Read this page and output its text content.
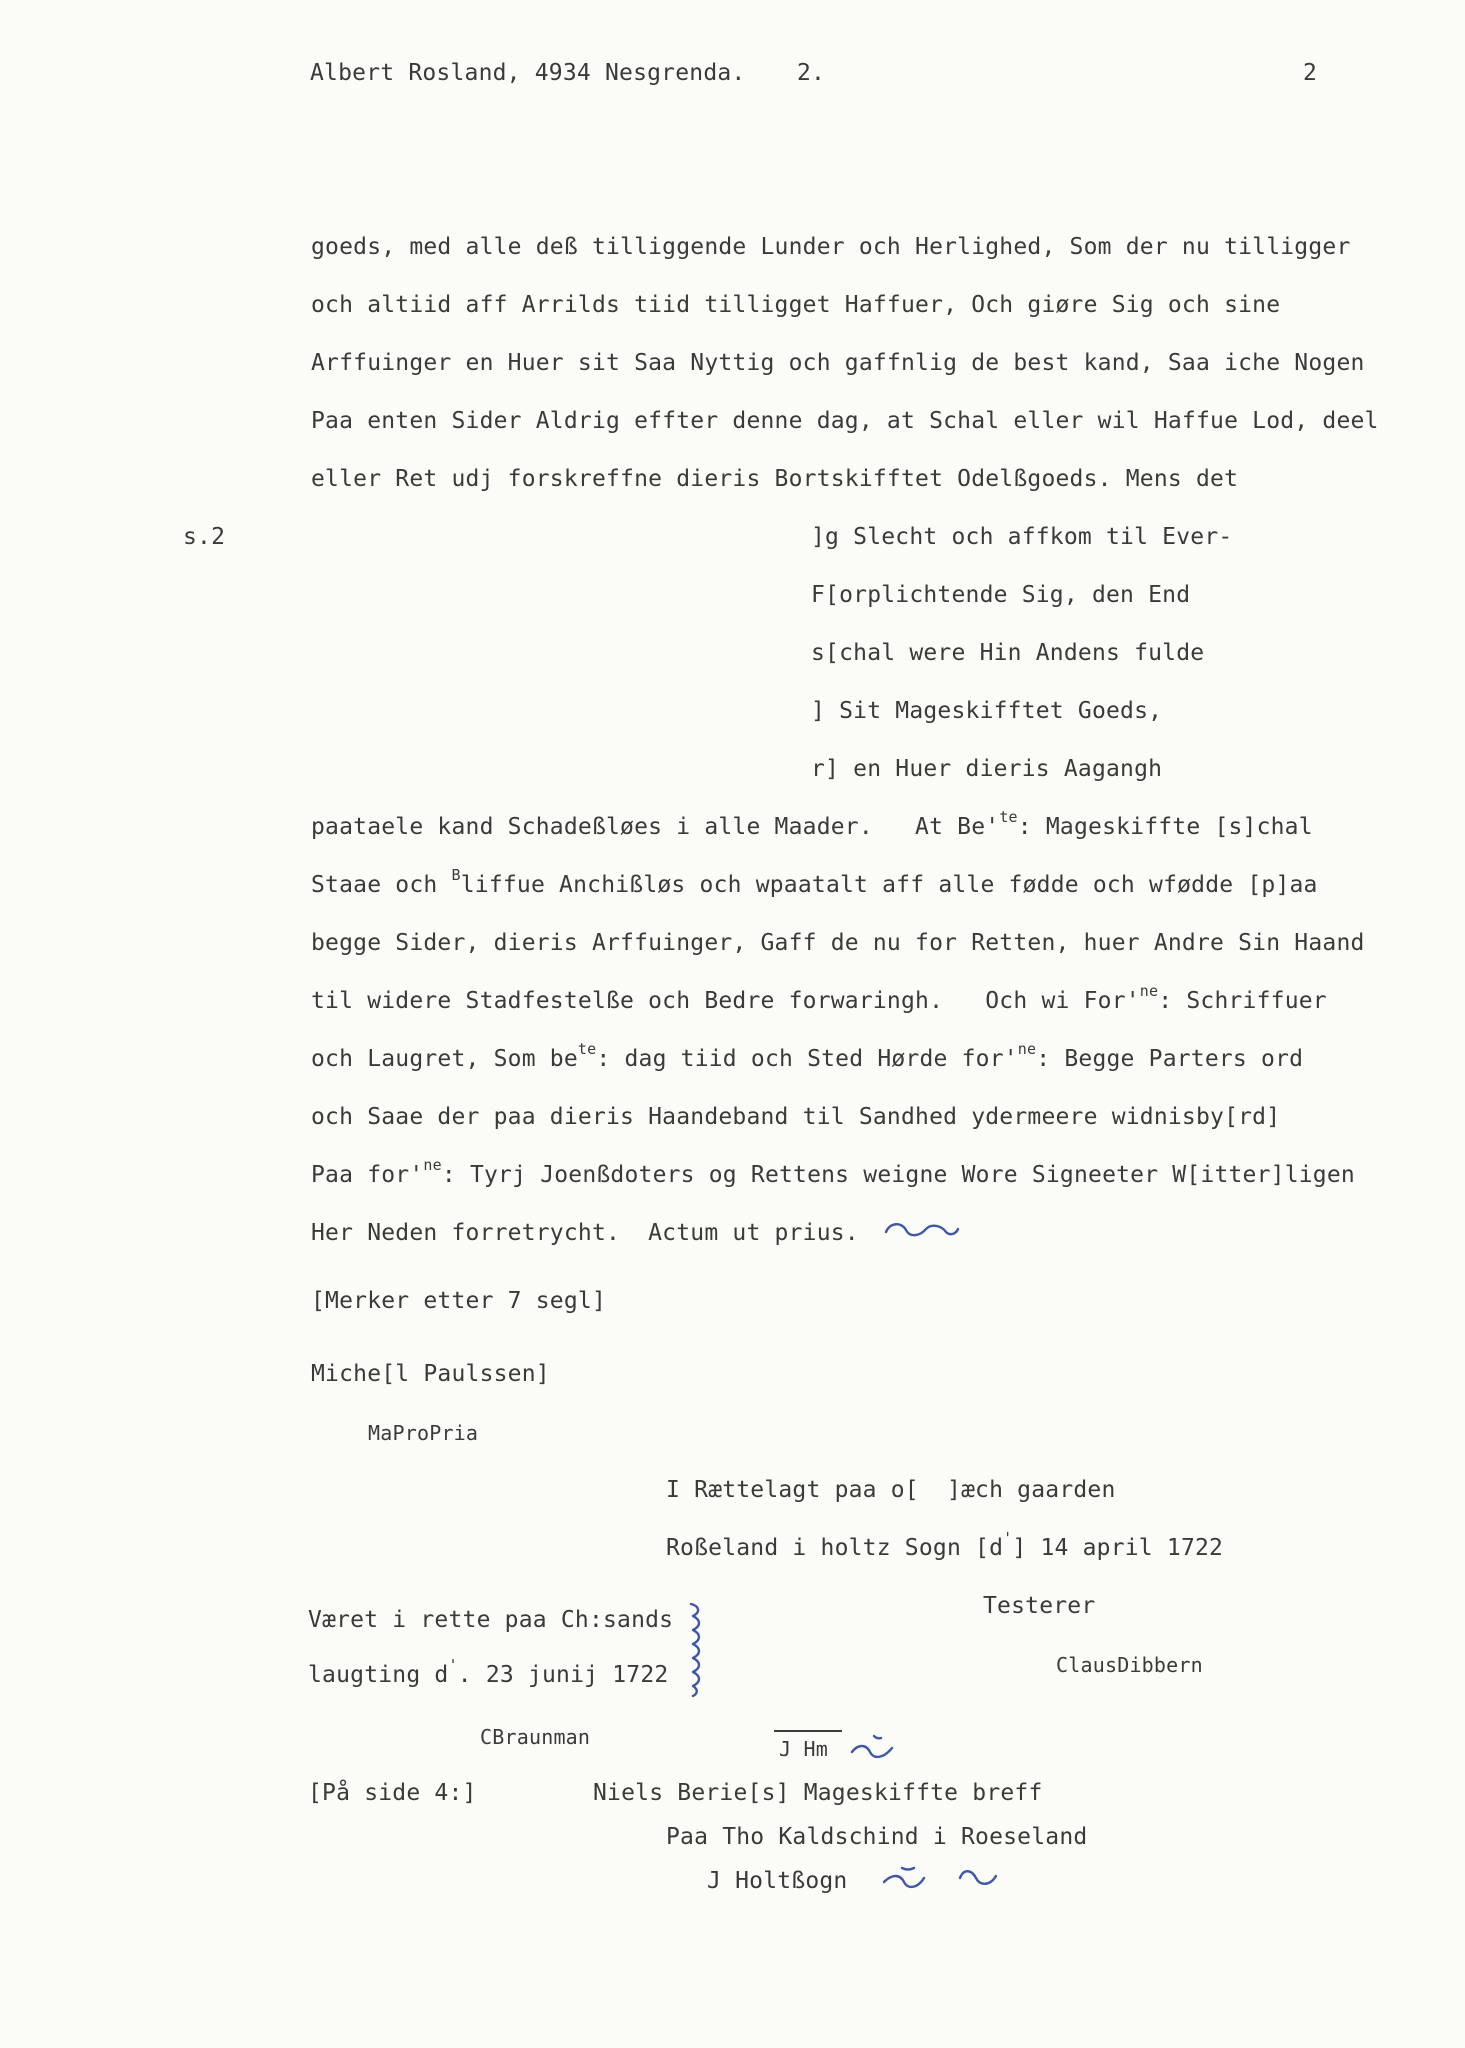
Albert Rosland, 4934 Nesgrenda. 2.	2
goeds, med alle deß tilliggende Lunder och Herlighed, Som der nu tilligger
och altiid aff Arrilds tiid tilligget Haffuer, Och giøre Sig och sine
Arffuinger en Huer sit Saa Nyttig och gaffnlig de best kand, Saa iche Nogen
Paa enten Sider Aldrig effter denne dag, at Schal eller wil Haffue Lod, deel
eller Ret udj forskreffne dieris Bortskifftet Odelßgoeds. Mens det
s.2	]g Slecht och affkom til Ever-
F[orplichtende Sig, den End
s[chal were Hin Andens fulde
] Sit Mageskifftet Goeds,
r] en Huer dieris Aagangh
paataele kand Schadeßløes i alle Maader.   At $Be'^{te}$: Mageskiffte [s]chal
Staae och $^B$liffue Anchißløs och wpaatalt aff alle fødde och wfødde [p]aa
begge Sider, dieris Arffuinger, Gaff de nu for Retten, huer Andre Sin Haand
til widere Stadfestelße och Bedre forwaringh.   Och wi $For'^{ne}$: Schriffuer
och Laugret, Som $be^{te}$: dag tiid och Sted Hørde $for'^{ne}$: Begge Parters ord
och Saae der paa dieris Haandeband til Sandhed ydermeere widnisby[rd]
Paa $for'^{ne}$: Tyrj Joenßdoters og Rettens weigne Wore Signeeter W[itter]ligen
Her Neden forretrycht.  Actum ut prius.
[Merker etter 7 segl]
Miche[l Paulssen]
MaProPria
I Rættelagt paa o[  ]æch gaarden
Roßeland i holtz Sogn [d'] 14 april 1722
Testerer
ClausDibbern
Været i rette paa Ch:sands
laugting d'. 23 junij 1722
CBraunman	J Hm
[På side 4:]	Niels Berie[s] Mageskiffte breff
Paa Tho Kaldschind i Roeseland
J Holtßogn
